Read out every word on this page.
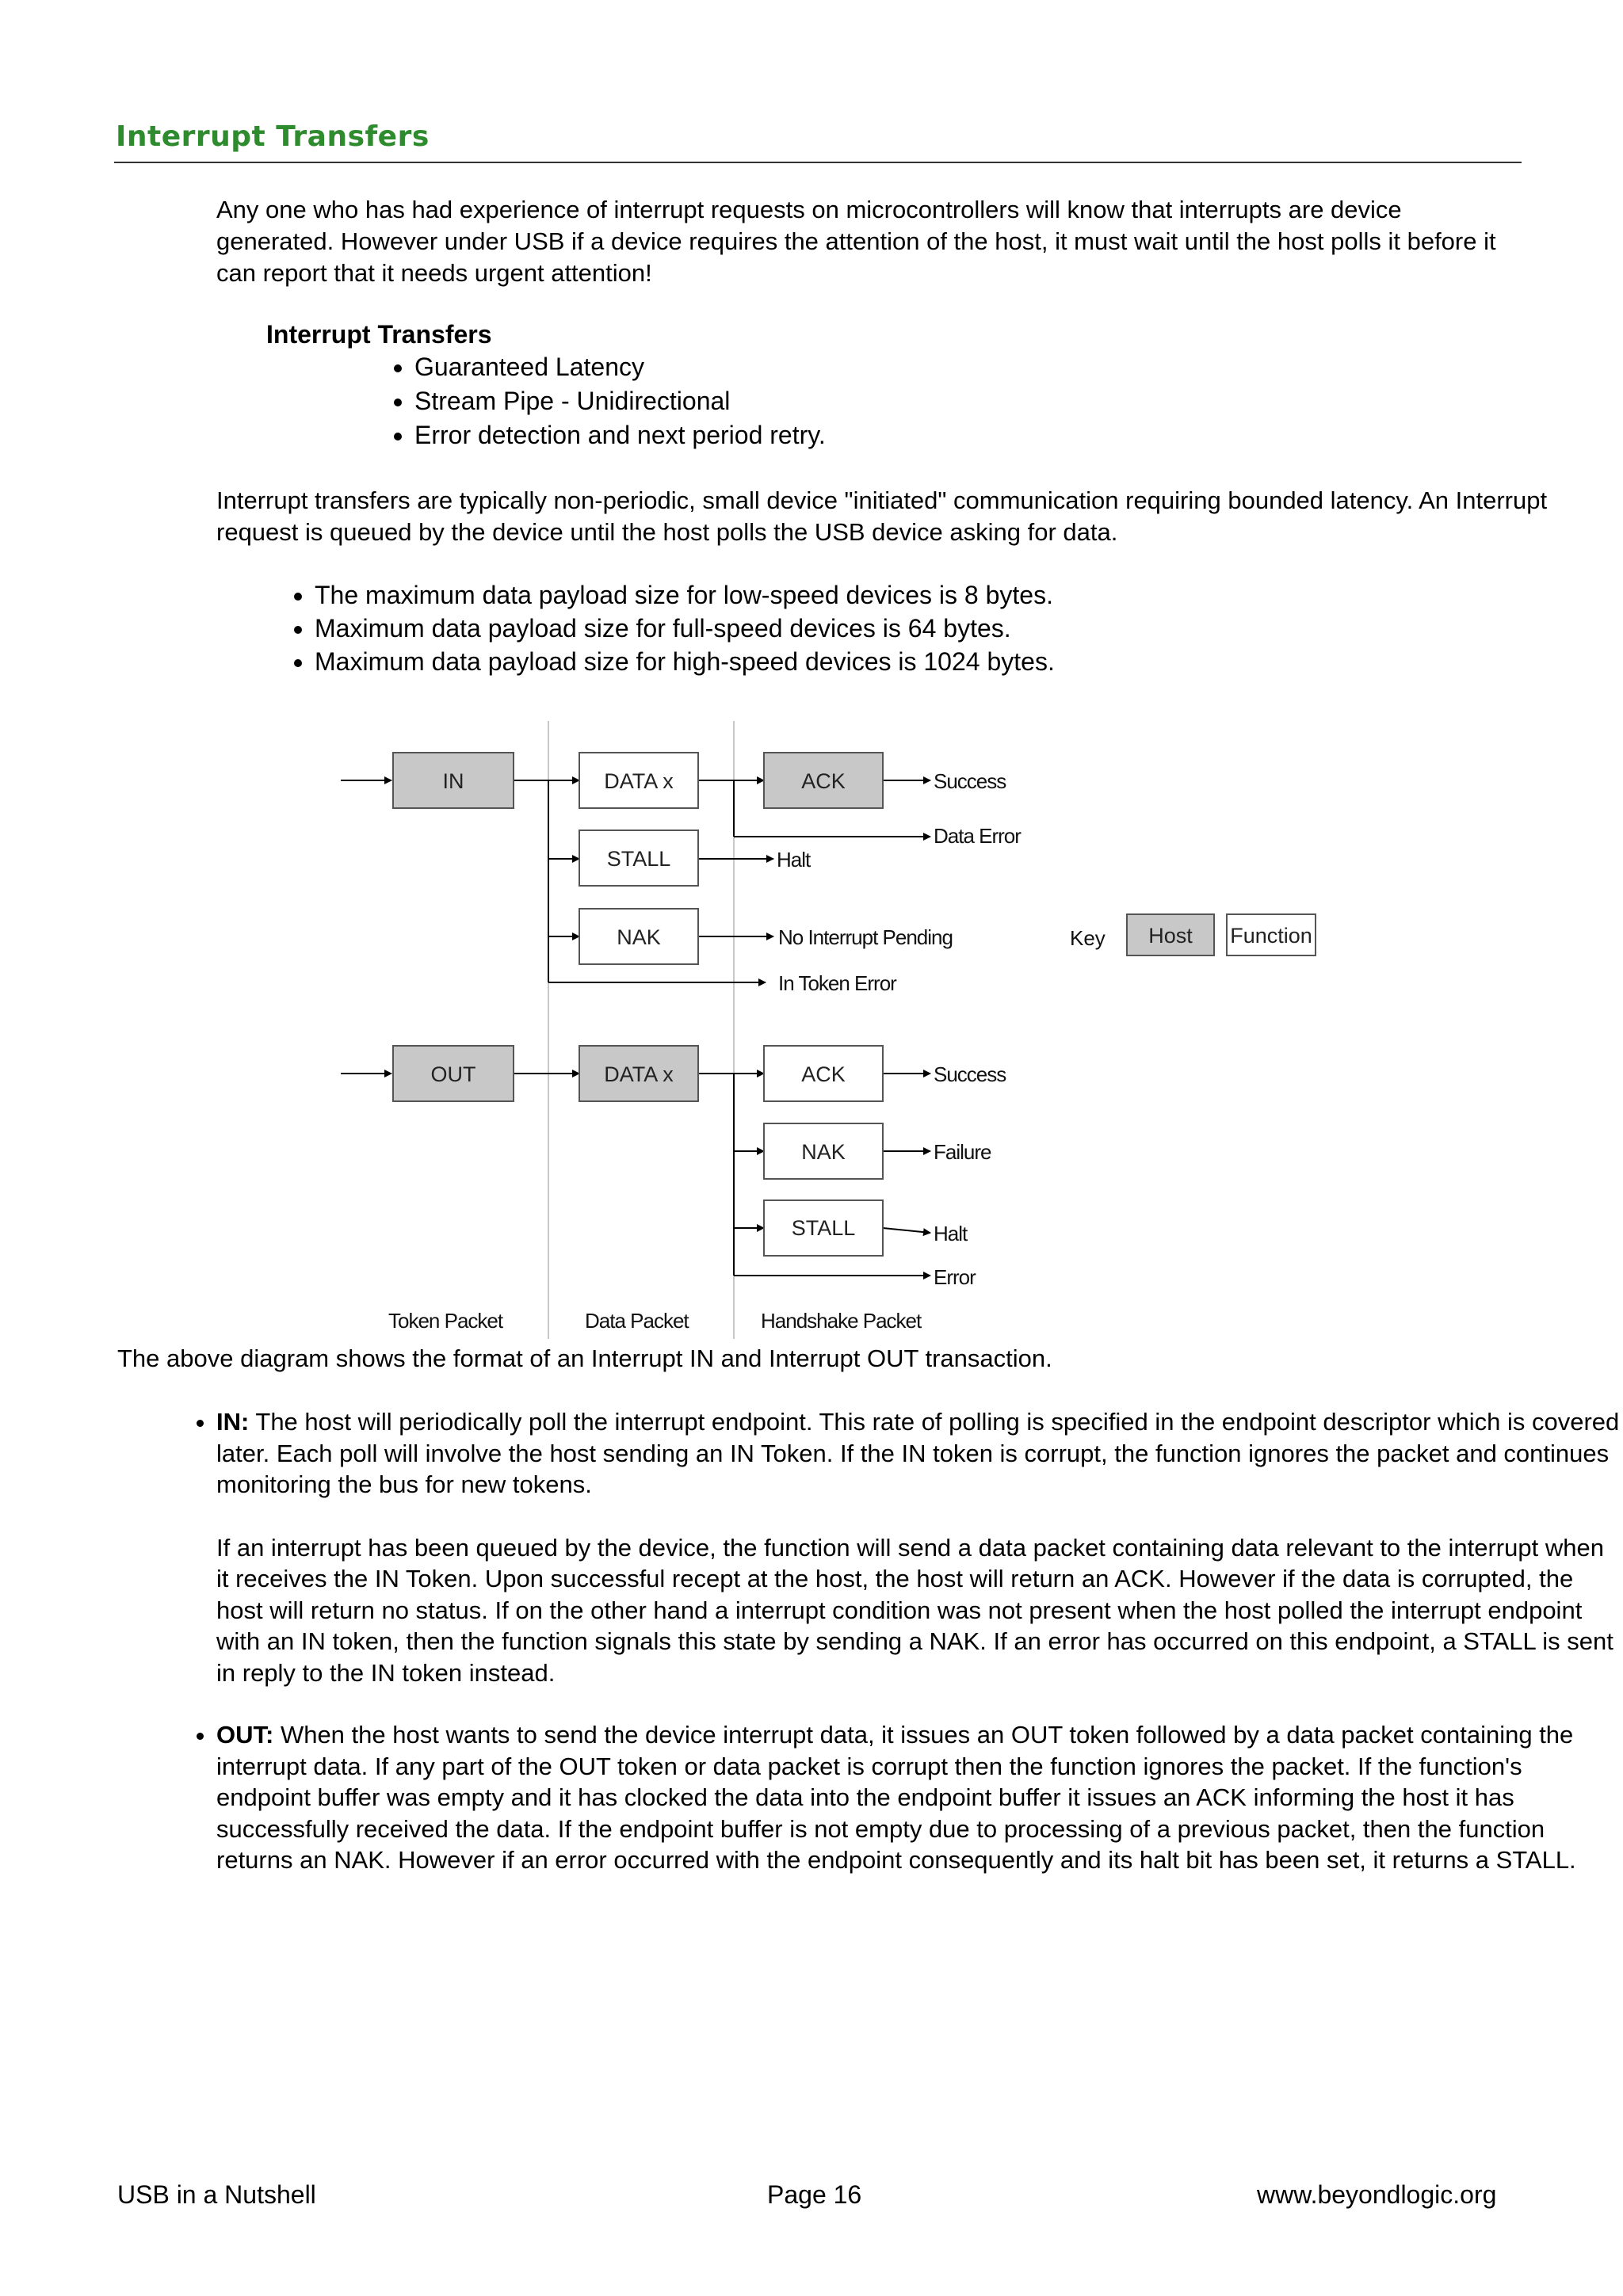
Interrupt Transfers
Any one who has had experience of interrupt requests on microcontrollers will know that interrupts are device generated. However under USB if a device requires the attention of the host, it must wait until the host polls it before it can report that it needs urgent attention!
Interrupt Transfers
• Guaranteed Latency
• Stream Pipe - Unidirectional
• Error detection and next period retry.
Interrupt transfers are typically non-periodic, small device "initiated" communication requiring bounded latency. An Interrupt request is queued by the device until the host polls the USB device asking for data.
• The maximum data payload size for low-speed devices is 8 bytes.
• Maximum data payload size for full-speed devices is 64 bytes.
• Maximum data payload size for high-speed devices is 1024 bytes.
IN	DATA x	ACK
STALL
NAK
OUT	DATA x	ACK
NAK
STALL
Host Function
Success
Data Error
Halt
No Interrupt Pending
In Token Error
Key
Success
Failure
Halt
Error
Token Packet	Data Packet	Handshake Packet
The above diagram shows the format of an Interrupt IN and Interrupt OUT transaction.
• IN: The host will periodically poll the interrupt endpoint. This rate of polling is specified in the endpoint descriptor which is covered later. Each poll will involve the host sending an IN Token. If the IN token is corrupt, the function ignores the packet and continues monitoring the bus for new tokens.
If an interrupt has been queued by the device, the function will send a data packet containing data relevant to the interrupt when it receives the IN Token. Upon successful recept at the host, the host will return an ACK. However if the data is corrupted, the host will return no status. If on the other hand a interrupt condition was not present when the host polled the interrupt endpoint with an IN token, then the function signals this state by sending a NAK. If an error has occurred on this endpoint, a STALL is sent in reply to the IN token instead.
• OUT: When the host wants to send the device interrupt data, it issues an OUT token followed by a data packet containing the interrupt data. If any part of the OUT token or data packet is corrupt then the function ignores the packet. If the function's endpoint buffer was empty and it has clocked the data into the endpoint buffer it issues an ACK informing the host it has successfully received the data. If the endpoint buffer is not empty due to processing of a previous packet, then the function returns an NAK. However if an error occurred with the endpoint consequently and its halt bit has been set, it returns a STALL.
USB in a Nutshell	Page 16	www.beyondlogic.org
